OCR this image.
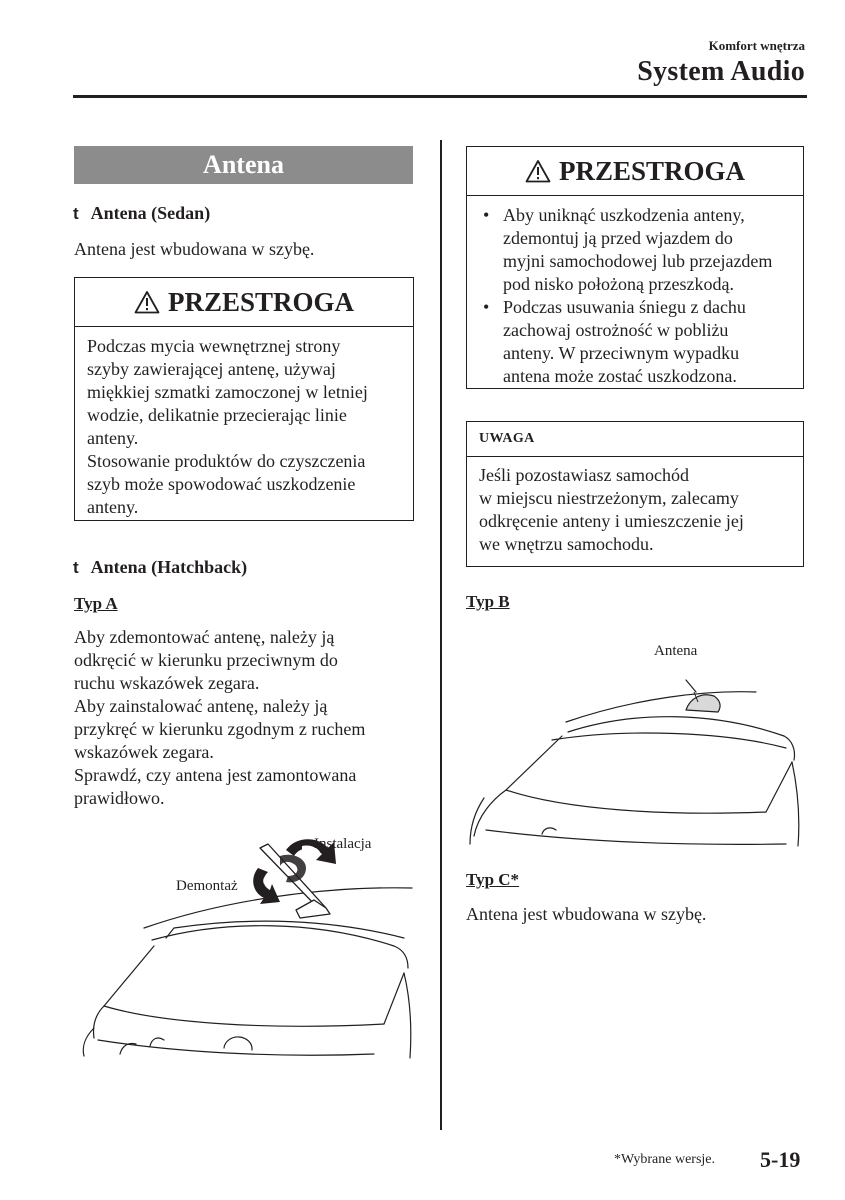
Komfort wnętrza
System Audio
Antena
t Antena (Sedan)
Antena jest wbudowana w szybę.
PRZESTROGA
Podczas mycia wewnętrznej strony
szyby zawierającej antenę, używaj
miękkiej szmatki zamoczonej w letniej
wodzie, delikatnie przecierając linie
anteny.
Stosowanie produktów do czyszczenia
szyb może spowodować uszkodzenie
anteny.
t Antena (Hatchback)
Typ A
Aby zdemontować antenę, należy ją
odkręcić w kierunku przeciwnym do
ruchu wskazówek zegara.
Aby zainstalować antenę, należy ją
przykręć w kierunku zgodnym z ruchem
wskazówek zegara.
Sprawdź, czy antena jest zamontowana
prawidłowo.
Instalacja
Demontaż
PRZESTROGA
• Aby uniknąć uszkodzenia anteny,
zdemontuj ją przed wjazdem do
myjni samochodowej lub przejazdem
pod nisko położoną przeszkodą.
• Podczas usuwania śniegu z dachu
zachowaj ostrożność w pobliżu
anteny. W przeciwnym wypadku
antena może zostać uszkodzona.
UWAGA
Jeśli pozostawiasz samochód
w miejscu niestrzeżonym, zalecamy
odkręcenie anteny i umieszczenie jej
we wnętrzu samochodu.
Typ B
Antena
Typ C*
Antena jest wbudowana w szybę.
*Wybrane wersje. 5-19
